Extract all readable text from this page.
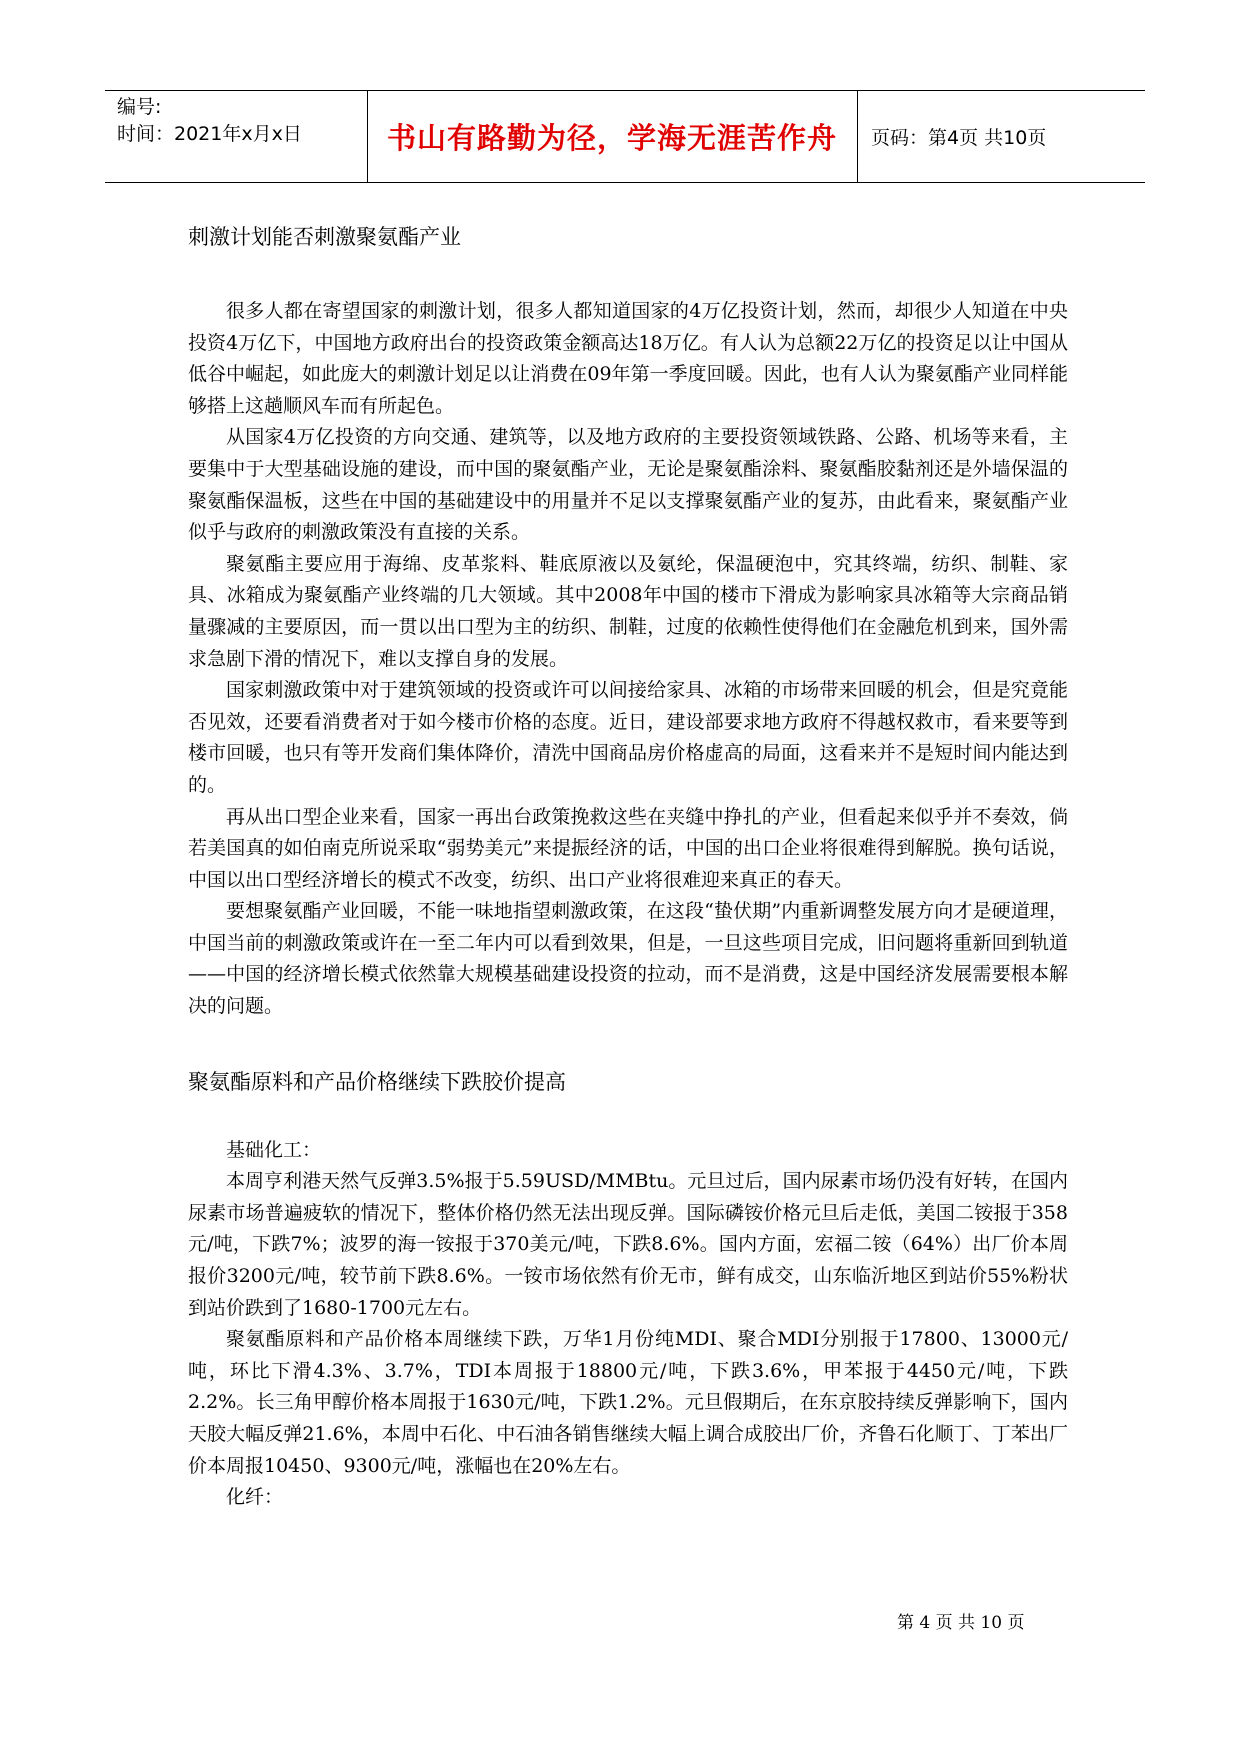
编号:
时间：2021年x月x日	书山有路勤为径，学海无涯苦作舟	页码：第4页 共10页
刺激计划能否刺激聚氨酯产业

很多人都在寄望国家的刺激计划，很多人都知道国家的4万亿投资计划，然而，却很少人知道在中央投资4万亿下，中国地方政府出台的投资政策金额高达18万亿。有人认为总额22万亿的投资足以让中国从低谷中崛起，如此庞大的刺激计划足以让消费在09年第一季度回暖。因此，也有人认为聚氨酯产业同样能够搭上这趟顺风车而有所起色。

从国家4万亿投资的方向交通、建筑等，以及地方政府的主要投资领域铁路、公路、机场等来看，主要集中于大型基础设施的建设，而中国的聚氨酯产业，无论是聚氨酯涂料、聚氨酯胶黏剂还是外墙保温的聚氨酯保温板，这些在中国的基础建设中的用量并不足以支撑聚氨酯产业的复苏，由此看来，聚氨酯产业似乎与政府的刺激政策没有直接的关系。

聚氨酯主要应用于海绵、皮革浆料、鞋底原液以及氨纶，保温硬泡中，究其终端，纺织、制鞋、家具、冰箱成为聚氨酯产业终端的几大领域。其中2008年中国的楼市下滑成为影响家具冰箱等大宗商品销量骤减的主要原因，而一贯以出口型为主的纺织、制鞋，过度的依赖性使得他们在金融危机到来，国外需求急剧下滑的情况下，难以支撑自身的发展。

国家刺激政策中对于建筑领域的投资或许可以间接给家具、冰箱的市场带来回暖的机会，但是究竟能否见效，还要看消费者对于如今楼市价格的态度。近日，建设部要求地方政府不得越权救市，看来要等到楼市回暖，也只有等开发商们集体降价，清洗中国商品房价格虚高的局面，这看来并不是短时间内能达到的。

再从出口型企业来看，国家一再出台政策挽救这些在夹缝中挣扎的产业，但看起来似乎并不奏效，倘若美国真的如伯南克所说采取“弱势美元”来提振经济的话，中国的出口企业将很难得到解脱。换句话说，中国以出口型经济增长的模式不改变，纺织、出口产业将很难迎来真正的春天。

要想聚氨酯产业回暖，不能一味地指望刺激政策，在这段“蛰伏期”内重新调整发展方向才是硬道理，中国当前的刺激政策或许在一至二年内可以看到效果，但是，一旦这些项目完成，旧问题将重新回到轨道——中国的经济增长模式依然靠大规模基础建设投资的拉动，而不是消费，这是中国经济发展需要根本解决的问题。

聚氨酯原料和产品价格继续下跌胶价提高

基础化工：

本周亨利港天然气反弹3.5%报于5.59USD/MMBtu。元旦过后，国内尿素市场仍没有好转，在国内尿素市场普遍疲软的情况下，整体价格仍然无法出现反弹。国际磷铵价格元旦后走低，美国二铵报于358元/吨，下跌7%；波罗的海一铵报于370美元/吨，下跌8.6%。国内方面，宏福二铵（64%）出厂价本周报价3200元/吨，较节前下跌8.6%。一铵市场依然有价无市，鲜有成交，山东临沂地区到站价55%粉状到站价跌到了1680-1700元左右。

聚氨酯原料和产品价格本周继续下跌，万华1月份纯MDI、聚合MDI分别报于17800、13000元/吨，环比下滑4.3%、3.7%，TDI本周报于18800元/吨，下跌3.6%，甲苯报于4450元/吨，下跌2.2%。长三角甲醇价格本周报于1630元/吨，下跌1.2%。元旦假期后，在东京胶持续反弹影响下，国内天胶大幅反弹21.6%，本周中石化、中石油各销售继续大幅上调合成胶出厂价，齐鲁石化顺丁、丁苯出厂价本周报10450、9300元/吨，涨幅也在20%左右。

化纤：

第 4 页 共 10 页
